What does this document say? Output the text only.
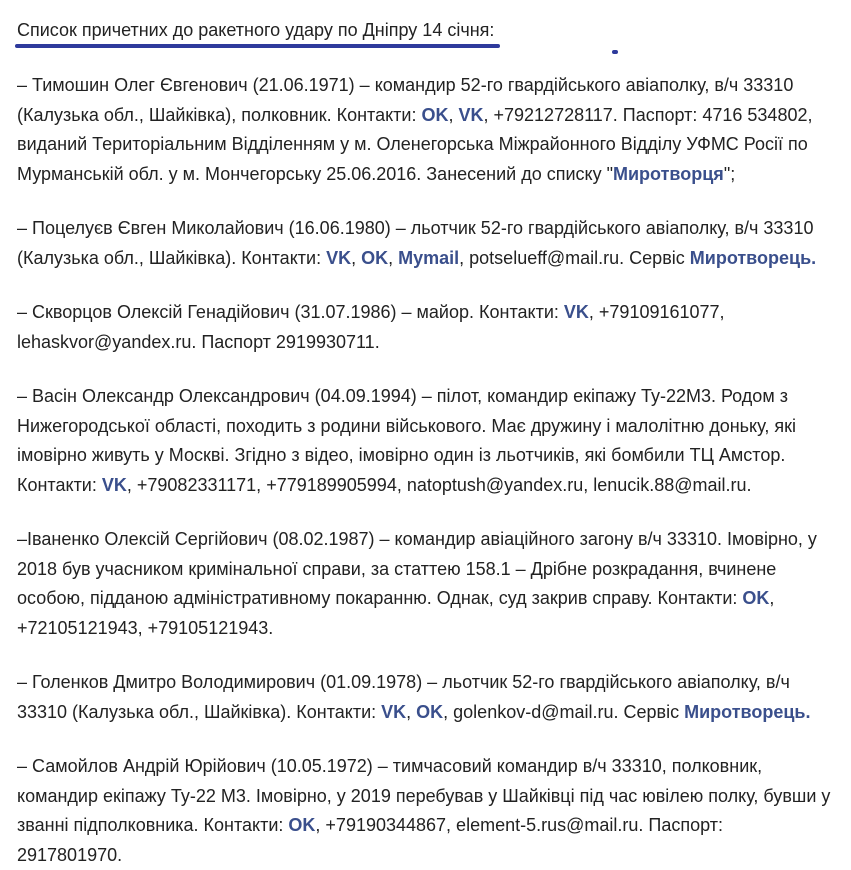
Список причетних до ракетного удару по Дніпру 14 січня:

– Тимошин Олег Євгенович (21.06.1971) – командир 52-го гвардійського авіаполку, в/ч 33310 (Калузька обл., Шайківка), полковник. Контакти: OK, VK, +79212728117. Паспорт: 4716 534802, виданий Територіальним Відділенням у м. Оленегорська Міжрайонного Відділу УФМС Росії по Мурманській обл. у м. Мончегорську 25.06.2016. Занесений до списку "Миротворця";

– Поцелуєв Євген Миколайович (16.06.1980) – льотчик 52-го гвардійського авіаполку, в/ч 33310 (Калузька обл., Шайківка). Контакти: VK, OK, Mymail, potselueff@mail.ru. Сервіс Миротворець.

– Скворцов Олексій Генадійович (31.07.1986) – майор. Контакти: VK, +79109161077, lehaskvor@yandex.ru. Паспорт 2919930711.

– Васін Олександр Олександрович (04.09.1994) – пілот, командир екіпажу Ту-22М3. Родом з Нижегородської області, походить з родини військового. Має дружину і малолітню доньку, які імовірно живуть у Москві. Згідно з відео, імовірно один із льотчиків, які бомбили ТЦ Амстор. Контакти: VK, +79082331171, +779189905994, natoptush@yandex.ru, lenucik.88@mail.ru.

–Іваненко Олексій Сергійович (08.02.1987) – командир авіаційного загону в/ч 33310. Імовірно, у 2018 був учасником кримінальної справи, за статтею 158.1 – Дрібне розкрадання, вчинене особою, підданою адміністративному покаранню. Однак, суд закрив справу. Контакти: OK, +72105121943, +79105121943.

– Голенков Дмитро Володимирович (01.09.1978) – льотчик 52-го гвардійського авіаполку, в/ч 33310 (Калузька обл., Шайківка). Контакти: VK, OK, golenkov-d@mail.ru. Сервіс Миротворець.

– Самойлов Андрій Юрійович (10.05.1972) – тимчасовий командир в/ч 33310, полковник, командир екіпажу Ту-22 М3. Імовірно, у 2019 перебував у Шайківці під час ювілею полку, бувши у званні підполковника. Контакти: OK, +79190344867, element-5.rus@mail.ru. Паспорт: 2917801970.
